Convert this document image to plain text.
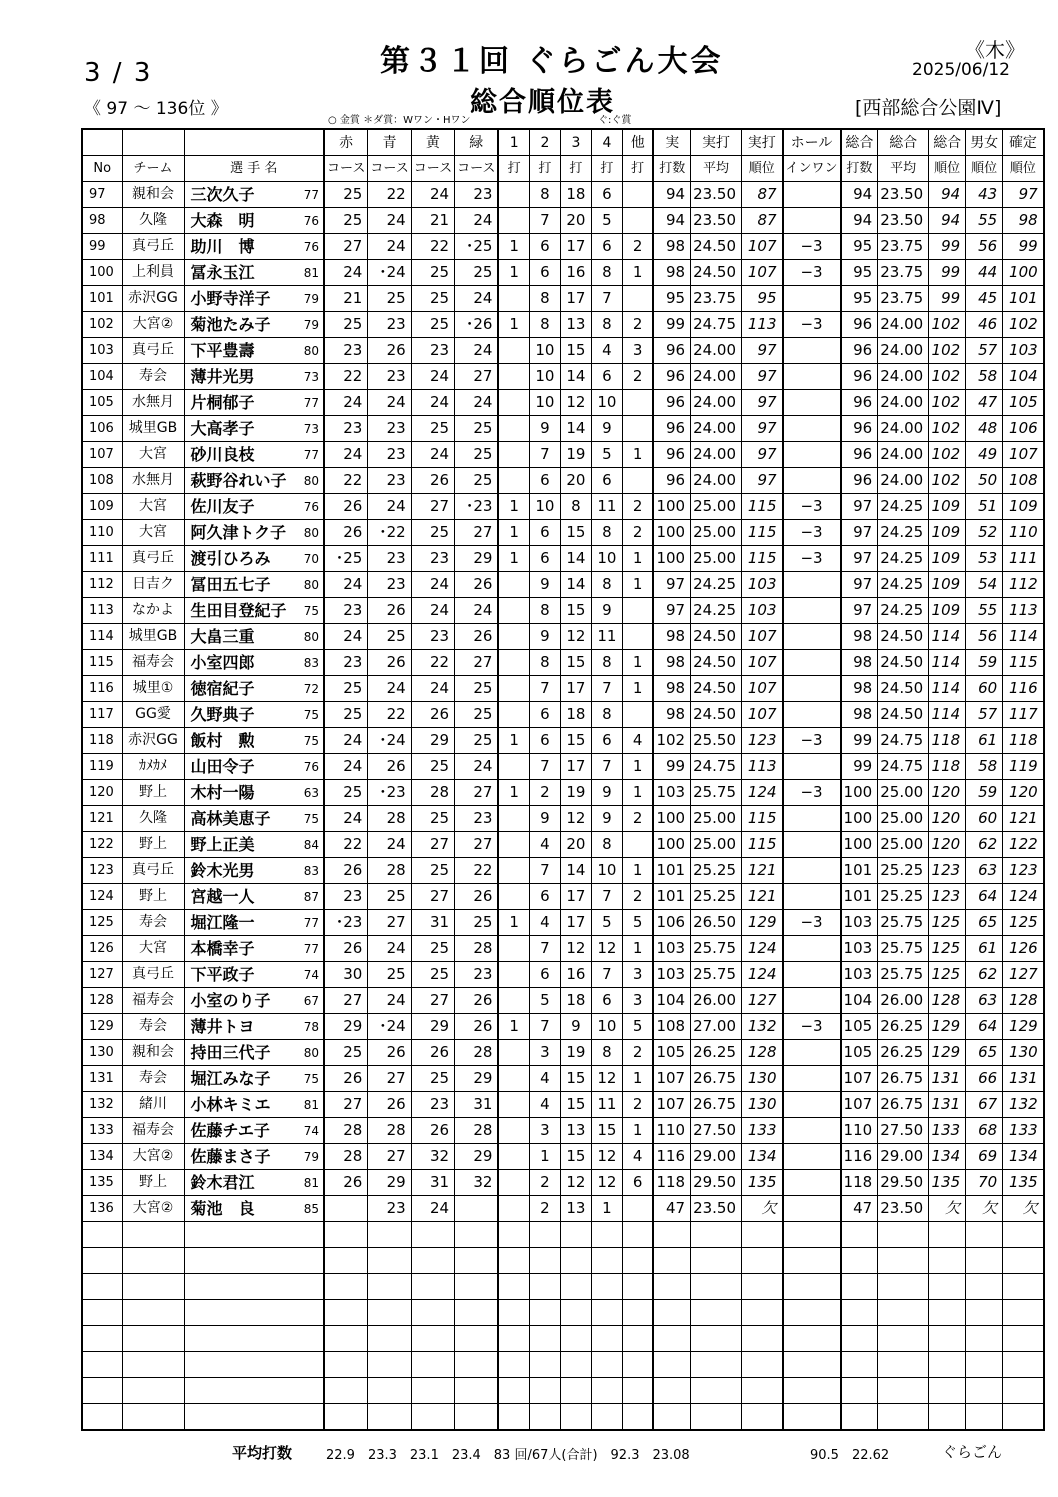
3 / 3
《 97 ～ 136位 》
第３１回 ぐらごん大会
総合順位表
《木》
2025/06/12
[西部総合公園Ⅳ]
○ 金賞 ＊ダ賞：Wワン・Hワン	ぐ:ぐ賞
			赤	青	黄	緑	1	2	3	4	他	実	実打	実打	ホール	総合	総合	総合	男女	確定
No	チーム	選 手 名	コース	コース	コース	コース	打	打	打	打	打	打数	平均	順位	インワン	打数	平均	順位	順位	順位
97	親和会	三次久子 77	25	22	24	23		8	18	6		94	23.50	87		94	23.50	94	43	97
98	久隆	大森　明 76	25	24	21	24		7	20	5		94	23.50	87		94	23.50	94	55	98
99	真弓丘	助川　博 76	27	24	22	･25	1	6	17	6	2	98	24.50	107	−3	95	23.75	99	56	99
100	上利員	冨永玉江 81	24	･24	25	25	1	6	16	8	1	98	24.50	107	−3	95	23.75	99	44	100
101	赤沢GG	小野寺洋子 79	21	25	25	24		8	17	7		95	23.75	95		95	23.75	99	45	101
102	大宮②	菊池たみ子 79	25	23	25	･26	1	8	13	8	2	99	24.75	113	−3	96	24.00	102	46	102
103	真弓丘	下平豊壽 80	23	26	23	24		10	15	4	3	96	24.00	97		96	24.00	102	57	103
104	寿会	薄井光男 73	22	23	24	27		10	14	6	2	96	24.00	97		96	24.00	102	58	104
105	水無月	片桐郁子 77	24	24	24	24		10	12	10		96	24.00	97		96	24.00	102	47	105
106	城里GB	大高孝子 73	23	23	25	25		9	14	9		96	24.00	97		96	24.00	102	48	106
107	大宮	砂川良枝 77	24	23	24	25		7	19	5	1	96	24.00	97		96	24.00	102	49	107
108	水無月	萩野谷れい子 80	22	23	26	25		6	20	6		96	24.00	97		96	24.00	102	50	108
109	大宮	佐川友子 76	26	24	27	･23	1	10	8	11	2	100	25.00	115	−3	97	24.25	109	51	109
110	大宮	阿久津トク子 80	26	･22	25	27	1	6	15	8	2	100	25.00	115	−3	97	24.25	109	52	110
111	真弓丘	渡引ひろみ 70	･25	23	23	29	1	6	14	10	1	100	25.00	115	−3	97	24.25	109	53	111
112	日吉ク	冨田五七子 80	24	23	24	26		9	14	8	1	97	24.25	103		97	24.25	109	54	112
113	なかよ	生田目登紀子 75	23	26	24	24		8	15	9		97	24.25	103		97	24.25	109	55	113
114	城里GB	大畠三重 80	24	25	23	26		9	12	11		98	24.50	107		98	24.50	114	56	114
115	福寿会	小室四郎 83	23	26	22	27		8	15	8	1	98	24.50	107		98	24.50	114	59	115
116	城里①	徳宿紀子 72	25	24	24	25		7	17	7	1	98	24.50	107		98	24.50	114	60	116
117	GG愛	久野典子 75	25	22	26	25		6	18	8		98	24.50	107		98	24.50	114	57	117
118	赤沢GG	飯村　勲 75	24	･24	29	25	1	6	15	6	4	102	25.50	123	−3	99	24.75	118	61	118
119	ｶﾒｶﾒ	山田令子 76	24	26	25	24		7	17	7	1	99	24.75	113		99	24.75	118	58	119
120	野上	木村一陽 63	25	･23	28	27	1	2	19	9	1	103	25.75	124	−3	100	25.00	120	59	120
121	久隆	高林美恵子 75	24	28	25	23		9	12	9	2	100	25.00	115		100	25.00	120	60	121
122	野上	野上正美 84	22	24	27	27		4	20	8		100	25.00	115		100	25.00	120	62	122
123	真弓丘	鈴木光男 83	26	28	25	22		7	14	10	1	101	25.25	121		101	25.25	123	63	123
124	野上	宮越一人 87	23	25	27	26		6	17	7	2	101	25.25	121		101	25.25	123	64	124
125	寿会	堀江隆一 77	･23	27	31	25	1	4	17	5	5	106	26.50	129	−3	103	25.75	125	65	125
126	大宮	本橋幸子 77	26	24	25	28		7	12	12	1	103	25.75	124		103	25.75	125	61	126
127	真弓丘	下平政子 74	30	25	25	23		6	16	7	3	103	25.75	124		103	25.75	125	62	127
128	福寿会	小室のり子 67	27	24	27	26		5	18	6	3	104	26.00	127		104	26.00	128	63	128
129	寿会	薄井トヨ 78	29	･24	29	26	1	7	9	10	5	108	27.00	132	−3	105	26.25	129	64	129
130	親和会	持田三代子 80	25	26	26	28		3	19	8	2	105	26.25	128		105	26.25	129	65	130
131	寿会	堀江みな子 75	26	27	25	29		4	15	12	1	107	26.75	130		107	26.75	131	66	131
132	緒川	小林キミエ 81	27	26	23	31		4	15	11	2	107	26.75	130		107	26.75	131	67	132
133	福寿会	佐藤チエ子 74	28	28	26	28		3	13	15	1	110	27.50	133		110	27.50	133	68	133
134	大宮②	佐藤まさ子 79	28	27	32	29		1	15	12	4	116	29.00	134		116	29.00	134	69	134
135	野上	鈴木君江 81	26	29	31	32		2	12	12	6	118	29.50	135		118	29.50	135	70	135
136	大宮②	菊池　良 85		23	24			2	13	1		47	23.50	欠		47	23.50	欠	欠	欠

平均打数	22.9　23.3　23.1　23.4　83 回/67人(合計)　92.3　23.08	90.5　22.62	ぐらごん
